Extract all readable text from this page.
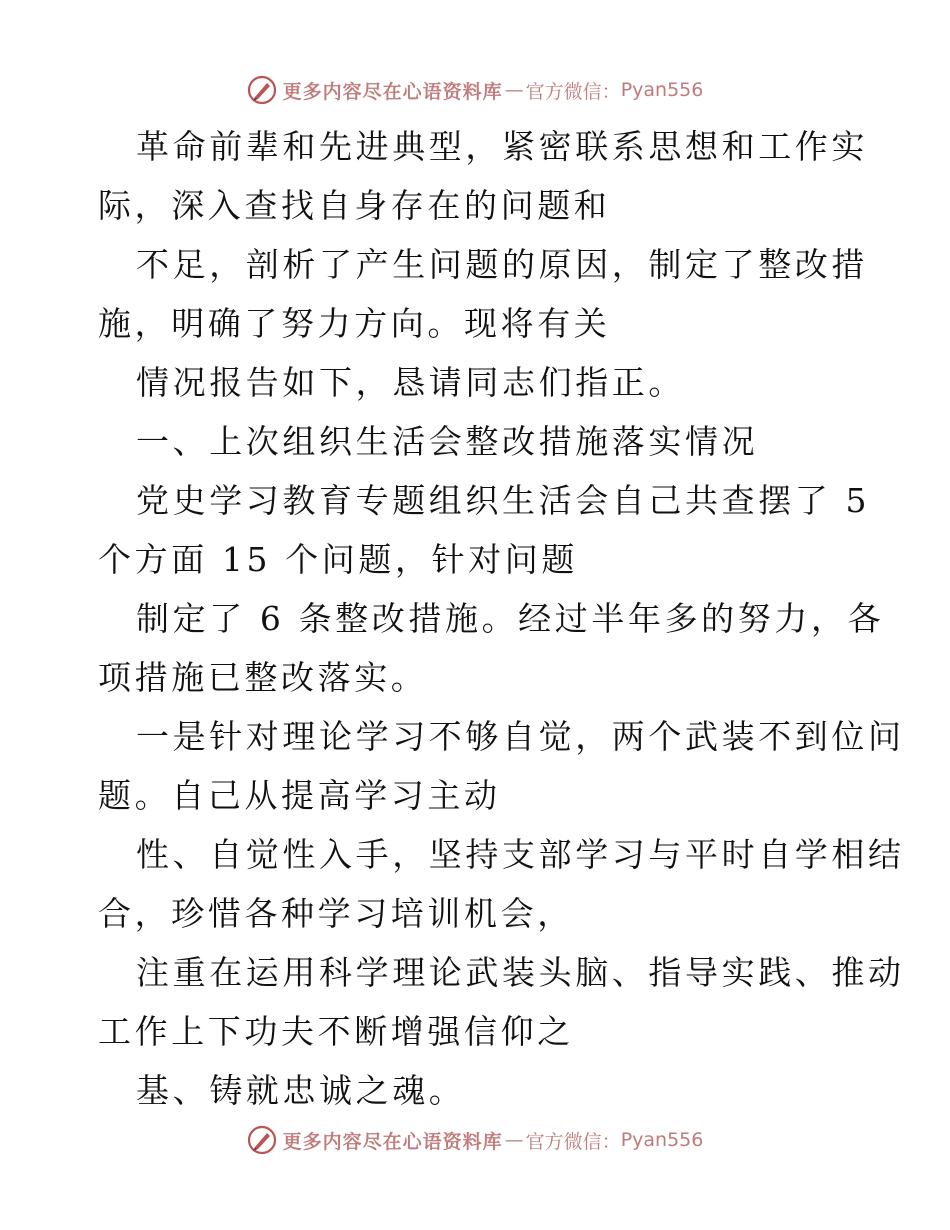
更多内容尽在心语资料库 — 官方微信： Pyan556
革命前辈和先进典型，紧密联系思想和工作实
际，深入查找自身存在的问题和
不足，剖析了产生问题的原因，制定了整改措
施，明确了努力方向。现将有关
情况报告如下，恳请同志们指正。
一、上次组织生活会整改措施落实情况
党史学习教育专题组织生活会自己共查摆了 5
个方面 15 个问题，针对问题
制定了 6 条整改措施。经过半年多的努力，各
项措施已整改落实。
一是针对理论学习不够自觉，两个武装不到位问
题。自己从提高学习主动
性、自觉性入手，坚持支部学习与平时自学相结
合，珍惜各种学习培训机会，
注重在运用科学理论武装头脑、指导实践、推动
工作上下功夫不断增强信仰之
基、铸就忠诚之魂。
更多内容尽在心语资料库 — 官方微信： Pyan556
